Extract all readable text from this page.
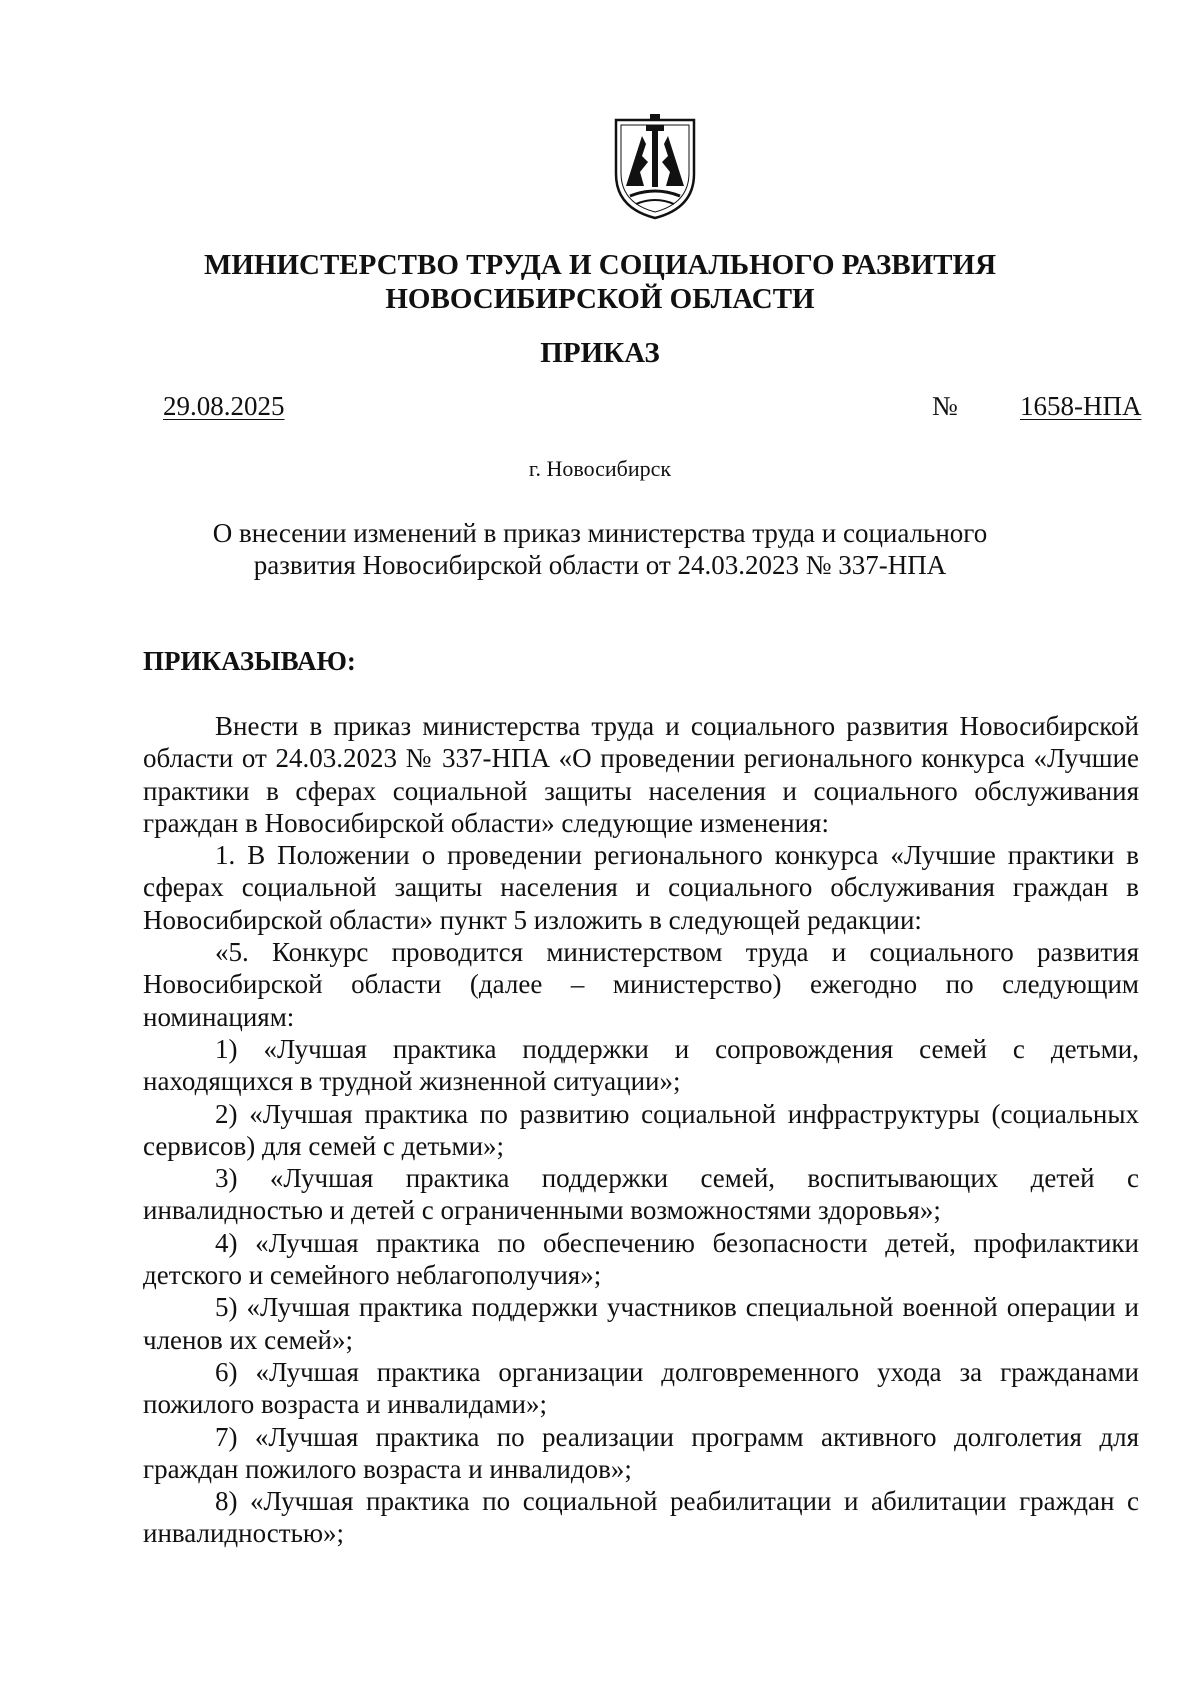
МИНИСТЕРСТВО ТРУДА И СОЦИАЛЬНОГО РАЗВИТИЯ
НОВОСИБИРСКОЙ ОБЛАСТИ
ПРИКАЗ
29.08.2025	№ 1658-НПА
г. Новосибирск
О внесении изменений в приказ министерства труда и социального
развития Новосибирской области от 24.03.2023 № 337-НПА
ПРИКАЗЫВАЮ:

Внести в приказ министерства труда и социального развития Новосибирской области от 24.03.2023 № 337-НПА «О проведении регионального конкурса «Лучшие практики в сферах социальной защиты населения и социального обслуживания граждан в Новосибирской области» следующие изменения:

1. В Положении о проведении регионального конкурса «Лучшие практики в сферах социальной защиты населения и социального обслуживания граждан в Новосибирской области» пункт 5 изложить в следующей редакции:

«5. Конкурс проводится министерством труда и социального развития Новосибирской области (далее – министерство) ежегодно по следующим номинациям:

1) «Лучшая практика поддержки и сопровождения семей с детьми, находящихся в трудной жизненной ситуации»;

2) «Лучшая практика по развитию социальной инфраструктуры (социальных сервисов) для семей с детьми»;

3) «Лучшая практика поддержки семей, воспитывающих детей с инвалидностью и детей с ограниченными возможностями здоровья»;

4) «Лучшая практика по обеспечению безопасности детей, профилактики детского и семейного неблагополучия»;

5) «Лучшая практика поддержки участников специальной военной операции и членов их семей»;

6) «Лучшая практика организации долговременного ухода за гражданами пожилого возраста и инвалидами»;

7) «Лучшая практика по реализации программ активного долголетия для граждан пожилого возраста и инвалидов»;

8) «Лучшая практика по социальной реабилитации и абилитации граждан с инвалидностью»;
